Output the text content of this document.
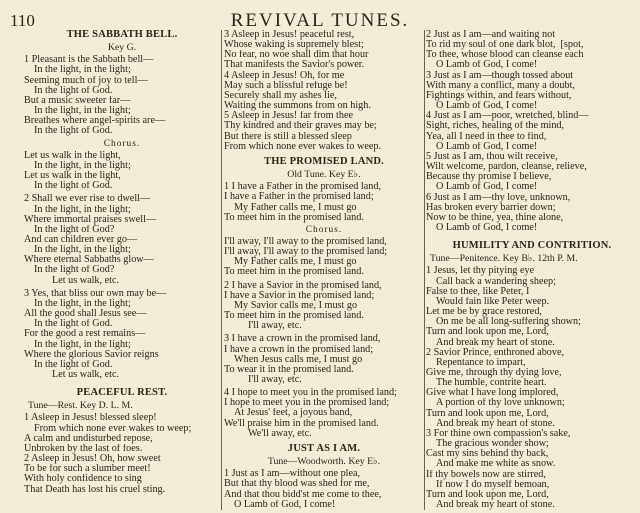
110	REVIVAL TUNES.
THE SABBATH BELL.
Key G.
1 Pleasant is the Sabbath bell—
In the light, in the light;
Seeming much of joy to tell—
In the light of God.
But a music sweeter far—
In the light, in the light;
Breathes where angel-spirits are—
In the light of God.
Chorus.
Let us walk in the light,
In the light, in the light;
Let us walk in the light,
In the light of God.
2 Shall we ever rise to dwell—
In the light, in the light;
Where immortal praises swell—
In the light of God?
And can children ever go—
In the light, in the light;
Where eternal Sabbaths glow—
In the light of God?
Let us walk, etc.
3 Yes, that bliss our own may be—
In the light, in the light;
All the good shall Jesus see—
In the light of God.
For the good a rest remains—
In the light, in the light;
Where the glorious Savior reigns
In the light of God.
Let us walk, etc.
PEACEFUL REST.
Tune—Rest. Key D. L. M.
1 Asleep in Jesus! blessed sleep!
From which none ever wakes to weep;
A calm and undisturbed repose,
Unbroken by the last of foes.
2 Asleep in Jesus! Oh, how sweet
To be for such a slumber meet!
With holy confidence to sing
That Death has lost his cruel sting.
3 Asleep in Jesus! peaceful rest,
Whose waking is supremely blest;
No fear, no woe shall dim that hour
That manifests the Savior's power.
4 Asleep in Jesus! Oh, for me
May such a blissful refuge be!
Securely shall my ashes lie,
Waiting the summons from on high.
5 Asleep in Jesus! far from thee
Thy kindred and their graves may be;
But there is still a blessed sleep
From which none ever wakes to weep.
THE PROMISED LAND.
Old Tune. Key E♭.
1 I have a Father in the promised land,
I have a Father in the promised land;
My Father calls me, I must go
To meet him in the promised land.
Chorus.
I'll away, I'll away to the promised land,
I'll away, I'll away to the promised land;
My Father calls me, I must go
To meet him in the promised land.
2 I have a Savior in the promised land,
I have a Savior in the promised land;
My Savior calls me, I must go
To meet him in the promised land.
I'll away, etc.
3 I have a crown in the promised land,
I have a crown in the promised land;
When Jesus calls me, I must go
To wear it in the promised land.
I'll away, etc.
4 I hope to meet you in the promised land;
I hope to meet you in the promised land;
At Jesus' feet, a joyous band,
We'll praise him in the promised land.
We'll away, etc.
JUST AS I AM.
Tune—Woodworth. Key E♭.
1 Just as I am—without one plea,
But that thy blood was shed for me,
And that thou bidd'st me come to thee,
O Lamb of God, I come!
2 Just as I am—and waiting not
To rid my soul of one dark blot,  [spot,
To thee, whose blood can cleanse each
O Lamb of God, I come!
3 Just as I am—though tossed about
With many a conflict, many a doubt,
Fightings within, and fears without,
O Lamb of God, I come!
4 Just as I am—poor, wretched, blind—
Sight, riches, healing of the mind,
Yea, all I need in thee to find,
O Lamb of God, I come!
5 Just as I am, thou wilt receive,
Wilt welcome, pardon, cleanse, relieve,
Because thy promise I believe,
O Lamb of God, I come!
6 Just as I am—thy love, unknown,
Has broken every barrier down;
Now to be thine, yea, thine alone,
O Lamb of God, I come!
HUMILITY AND CONTRITION.
Tune—Penitence. Key B♭. 12th P. M.
1 Jesus, let thy pitying eye
Call back a wandering sheep;
False to thee, like Peter, I
Would fain like Peter weep.
Let me be by grace restored,
On me be all long-suffering shown;
Turn and look upon me, Lord,
And break my heart of stone.
2 Savior Prince, enthroned above,
Repentance to impart,
Give me, through thy dying love,
The humble, contrite heart.
Give what I have long implored,
A portion of thy love unknown;
Turn and look upon me, Lord,
And break my heart of stone.
3 For thine own compassion's sake,
The gracious wonder show;
Cast my sins behind thy back,
And make me white as snow.
If thy bowels now are stirred,
If now I do myself bemoan,
Turn and look upon me, Lord,
And break my heart of stone.
